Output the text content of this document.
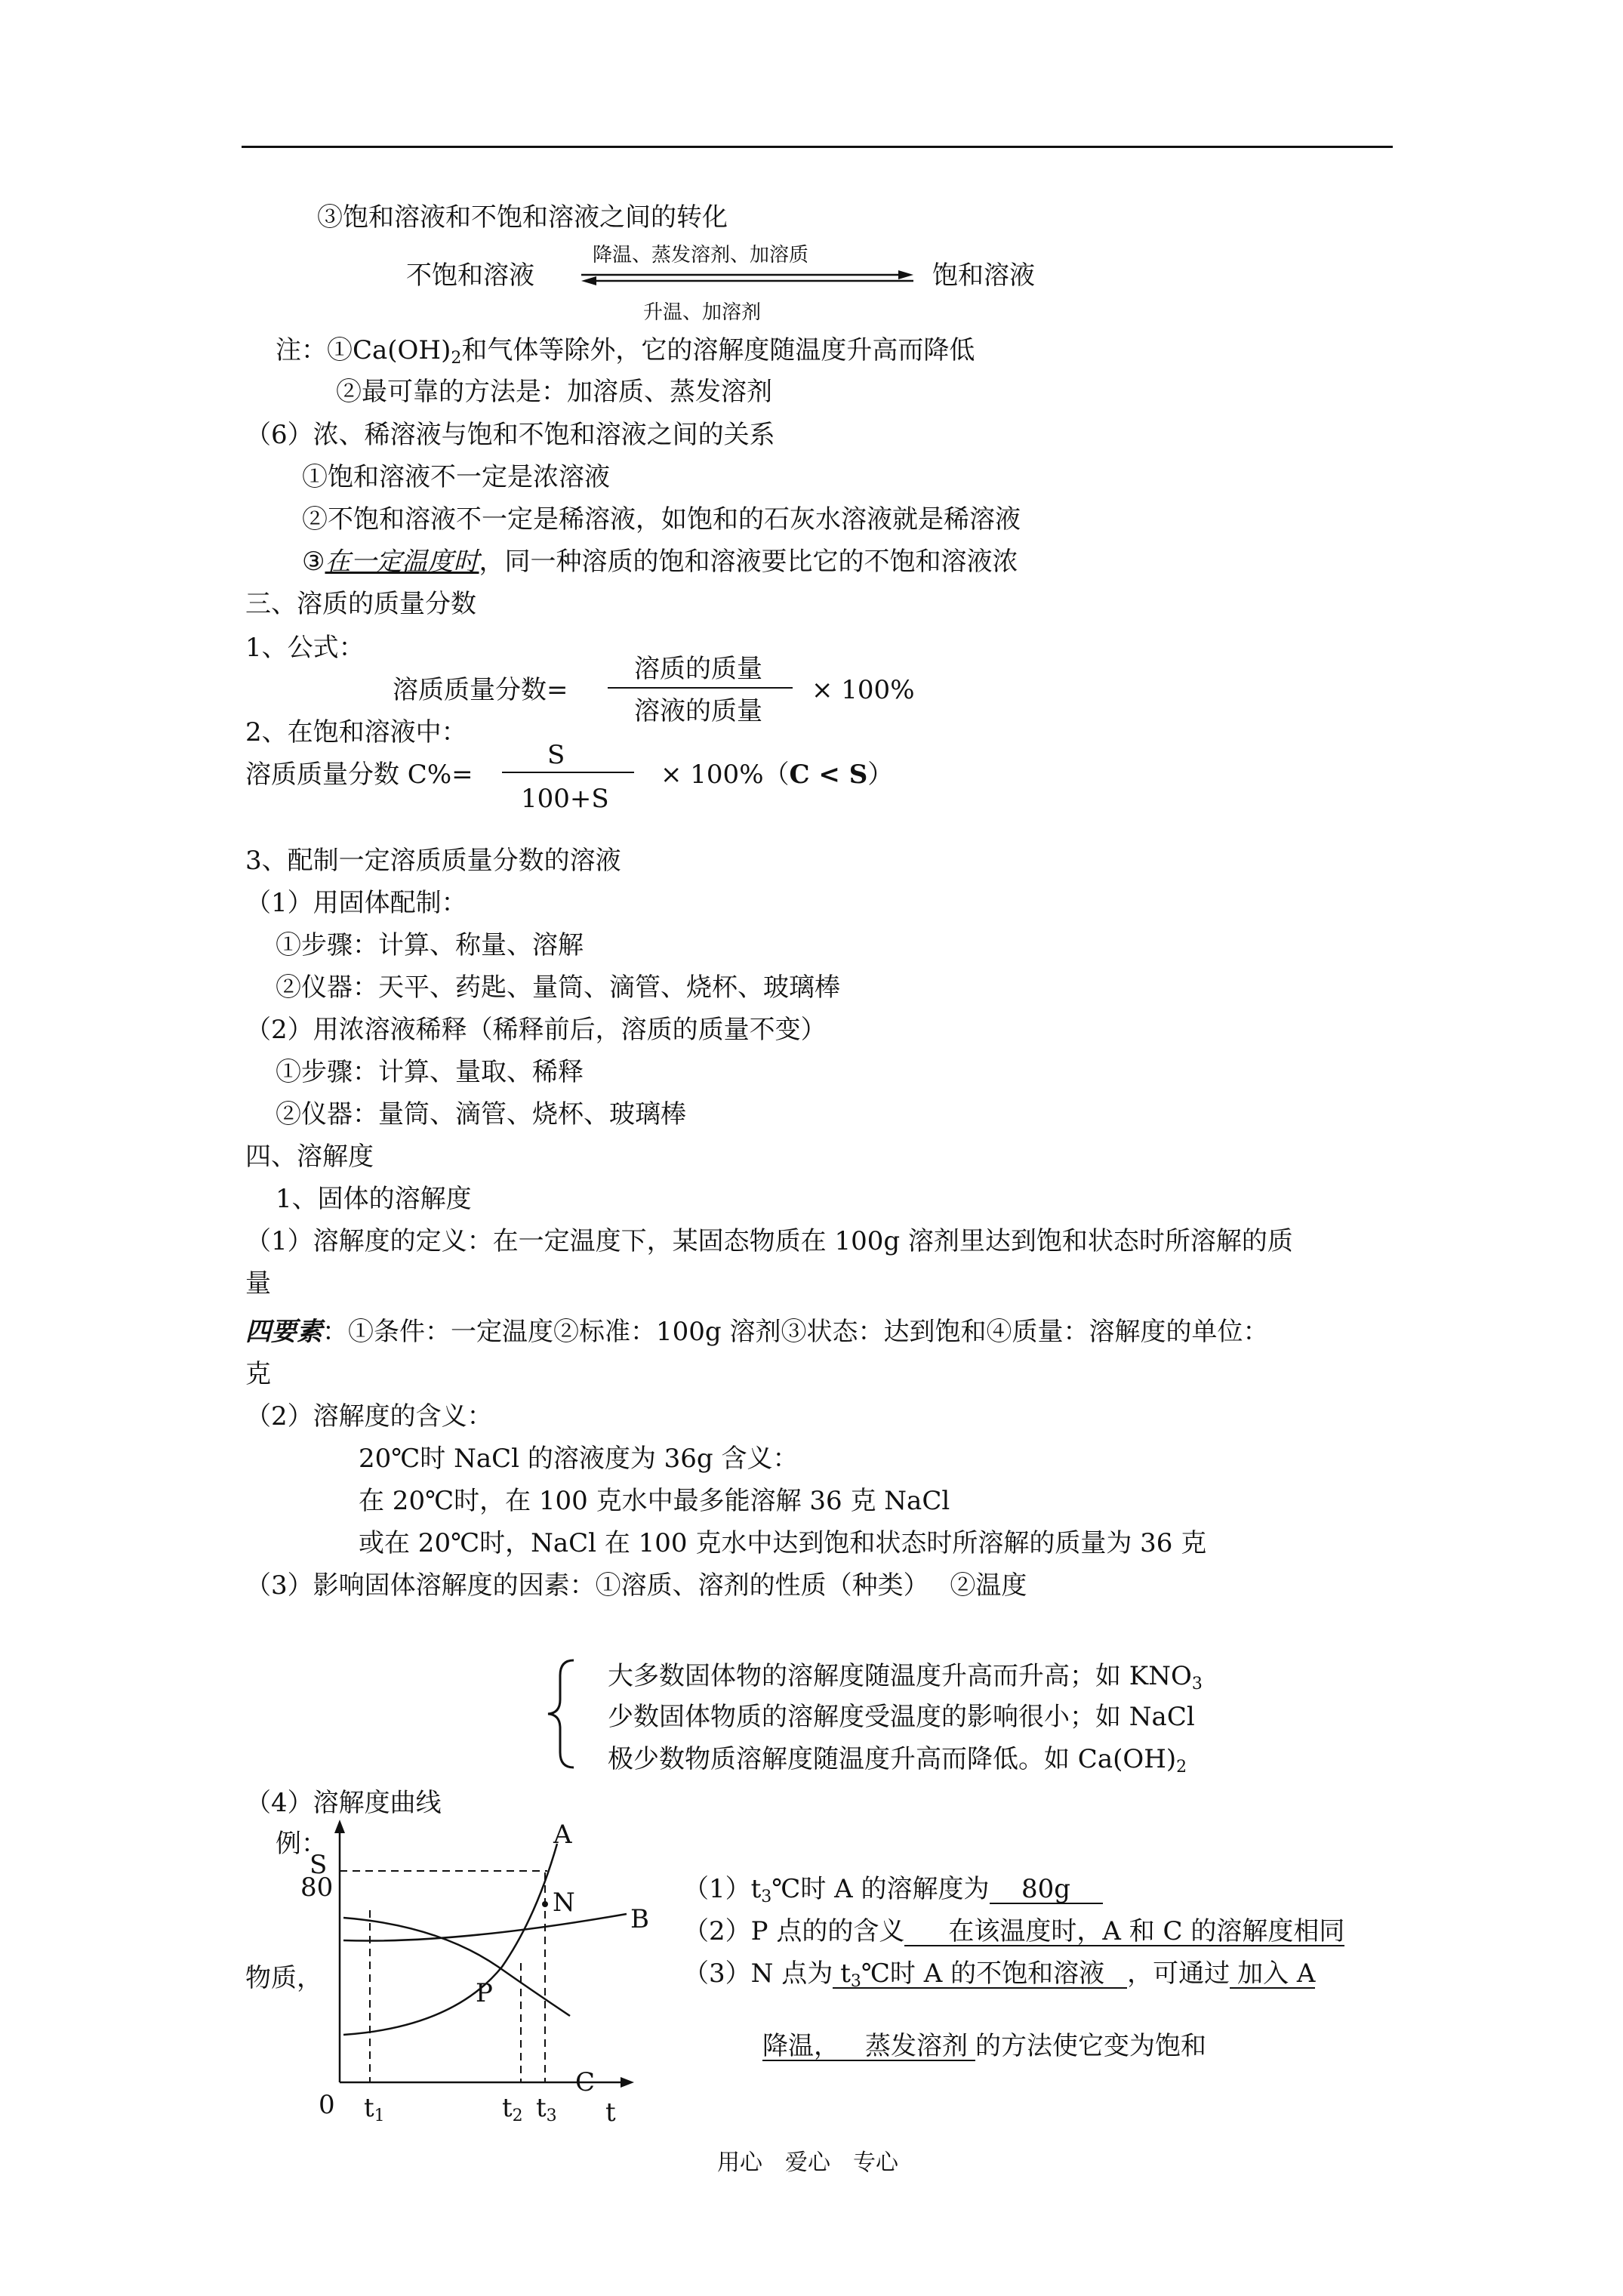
③饱和溶液和不饱和溶液之间的转化
不饱和溶液
降温、蒸发溶剂、加溶质
升温、加溶剂
饱和溶液
注：$①Ca(OH)_2$和气体等除外，它的溶解度随温度升高而降低
②最可靠的方法是：加溶质、蒸发溶剂
（6）浓、稀溶液与饱和不饱和溶液之间的关系
①饱和溶液不一定是浓溶液
②不饱和溶液不一定是稀溶液，如饱和的石灰水溶液就是稀溶液
③在一定温度时，同一种溶质的饱和溶液要比它的不饱和溶液浓
三、溶质的质量分数
1、公式：
溶质质量分数=
溶质的质量
溶液的质量
× 100%
2、在饱和溶液中：
溶质质量分数 C%=
S
100+S
× 100%（C < S）
3、配制一定溶质质量分数的溶液
（1）用固体配制：
①步骤：计算、称量、溶解
②仪器：天平、药匙、量筒、滴管、烧杯、玻璃棒
（2）用浓溶液稀释（稀释前后，溶质的质量不变）
①步骤：计算、量取、稀释
②仪器：量筒、滴管、烧杯、玻璃棒
四、溶解度
1、固体的溶解度
（1）溶解度的定义：在一定温度下，某固态物质在 100g 溶剂里达到饱和状态时所溶解的质
量
四要素：①条件：一定温度②标准：100g 溶剂③状态：达到饱和④质量：溶解度的单位：
克
（2）溶解度的含义：
20℃时 NaCl 的溶液度为 36g 含义：
在 20℃时，在 100 克水中最多能溶解 36 克 NaCl
或在 20℃时，NaCl 在 100 克水中达到饱和状态时所溶解的质量为 36 克
（3）影响固体溶解度的因素：①溶质、溶剂的性质（种类）　 ②温度
大多数固体物的溶解度随温度升高而升高；如 $KNO_3$
少数固体物质的溶解度受温度的影响很小；如 NaCl
极少数物质溶解度随温度升高而降低。如 $Ca(OH)_2$
（4）溶解度曲线
例：
S
80
A
N
B
物质，	P
C
0 $t_1$	$t_2$ $t_3$ t
$(1)t_3℃$时 A 的溶解度为 80g
（2）P 点的的含义 在该温度时，A 和 C 的溶解度相同
（3）N 点为 $t_3℃$时 A 的不饱和溶液 ，可通过 加入 A
降温， 蒸发溶剂 的方法使它变为饱和
用心　爱心　专心
